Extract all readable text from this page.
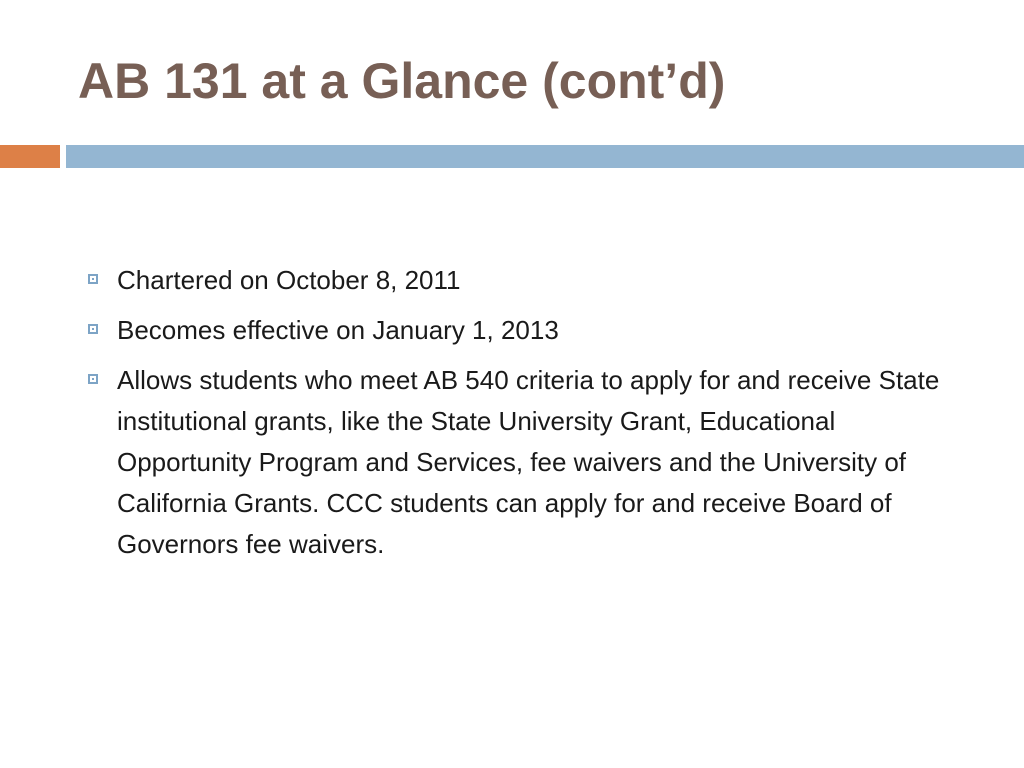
AB 131 at a Glance (cont’d)
Chartered on October 8, 2011
Becomes effective on January 1, 2013
Allows students who meet AB 540 criteria to apply for and receive State institutional grants, like the State University Grant, Educational Opportunity Program and Services, fee waivers and the University of California Grants. CCC students can apply for and receive Board of Governors fee waivers.
